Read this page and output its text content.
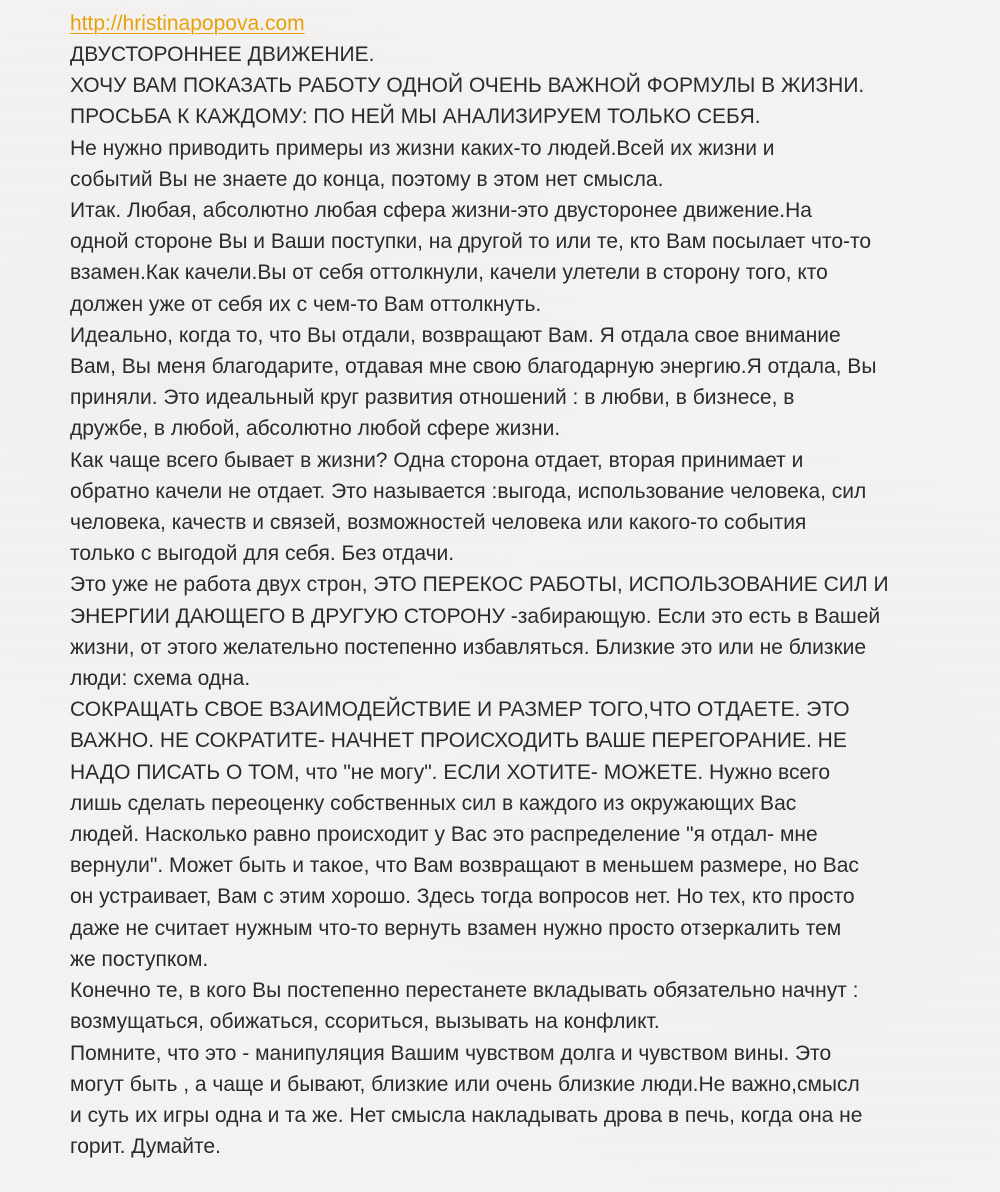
http://hristinapopova.com

ДВУСТОРОННЕЕ ДВИЖЕНИЕ.

ХОЧУ ВАМ ПОКАЗАТЬ РАБОТУ ОДНОЙ ОЧЕНЬ ВАЖНОЙ ФОРМУЛЫ В ЖИЗНИ.

ПРОСЬБА К КАЖДОМУ: ПО НЕЙ МЫ АНАЛИЗИРУЕМ ТОЛЬКО СЕБЯ.

Не нужно приводить примеры из жизни каких-то людей.Всей их жизни и
событий Вы не знаете до конца, поэтому в этом нет смысла.

Итак. Любая, абсолютно любая сфера жизни-это двусторонее движение.На
одной стороне Вы и Ваши поступки, на другой то или те, кто Вам посылает что-то
взамен.Как качели.Вы от себя оттолкнули, качели улетели в сторону того, кто
должен уже от себя их с чем-то Вам оттолкнуть.

Идеально, когда то, что Вы отдали, возвращают Вам. Я отдала свое внимание
Вам, Вы меня благодарите, отдавая мне свою благодарную энергию.Я отдала, Вы
приняли. Это идеальный круг развития отношений : в любви, в бизнесе, в
дружбе, в любой, абсолютно любой сфере жизни.

Как чаще всего бывает в жизни? Одна сторона отдает, вторая принимает и
обратно качели не отдает. Это называется :выгода, использование человека, сил
человека, качеств и связей, возможностей человека или какого-то события
только с выгодой для себя. Без отдачи.

Это уже не работа двух строн, ЭТО ПЕРЕКОС РАБОТЫ, ИСПОЛЬЗОВАНИЕ СИЛ И
ЭНЕРГИИ ДАЮЩЕГО В ДРУГУЮ СТОРОНУ -забирающую. Если это есть в Вашей
жизни, от этого желательно постепенно избавляться. Близкие это или не близкие
люди: схема одна.

СОКРАЩАТЬ СВОЕ ВЗАИМОДЕЙСТВИЕ И РАЗМЕР ТОГО,ЧТО ОТДАЕТЕ. ЭТО
ВАЖНО. НЕ СОКРАТИТЕ- НАЧНЕТ ПРОИСХОДИТЬ ВАШЕ ПЕРЕГОРАНИЕ. НЕ
НАДО ПИСАТЬ О ТОМ, что "не могу". ЕСЛИ ХОТИТЕ- МОЖЕТЕ. Нужно всего
лишь сделать переоценку собственных сил в каждого из окружающих Вас
людей. Насколько равно происходит у Вас это распределение "я отдал- мне
вернули". Может быть и такое, что Вам возвращают в меньшем размере, но Вас
он устраивает, Вам с этим хорошо. Здесь тогда вопросов нет. Но тех, кто просто
даже не считает нужным что-то вернуть взамен нужно просто отзеркалить тем
же поступком.

Конечно те, в кого Вы постепенно перестанете вкладывать обязательно начнут :
возмущаться, обижаться, ссориться, вызывать на конфликт.

Помните, что это - манипуляция Вашим чувством долга и чувством вины. Это
могут быть , а чаще и бывают, близкие или очень близкие люди.Не важно,смысл
и суть их игры одна и та же. Нет смысла накладывать дрова в печь, когда она не
горит. Думайте.
